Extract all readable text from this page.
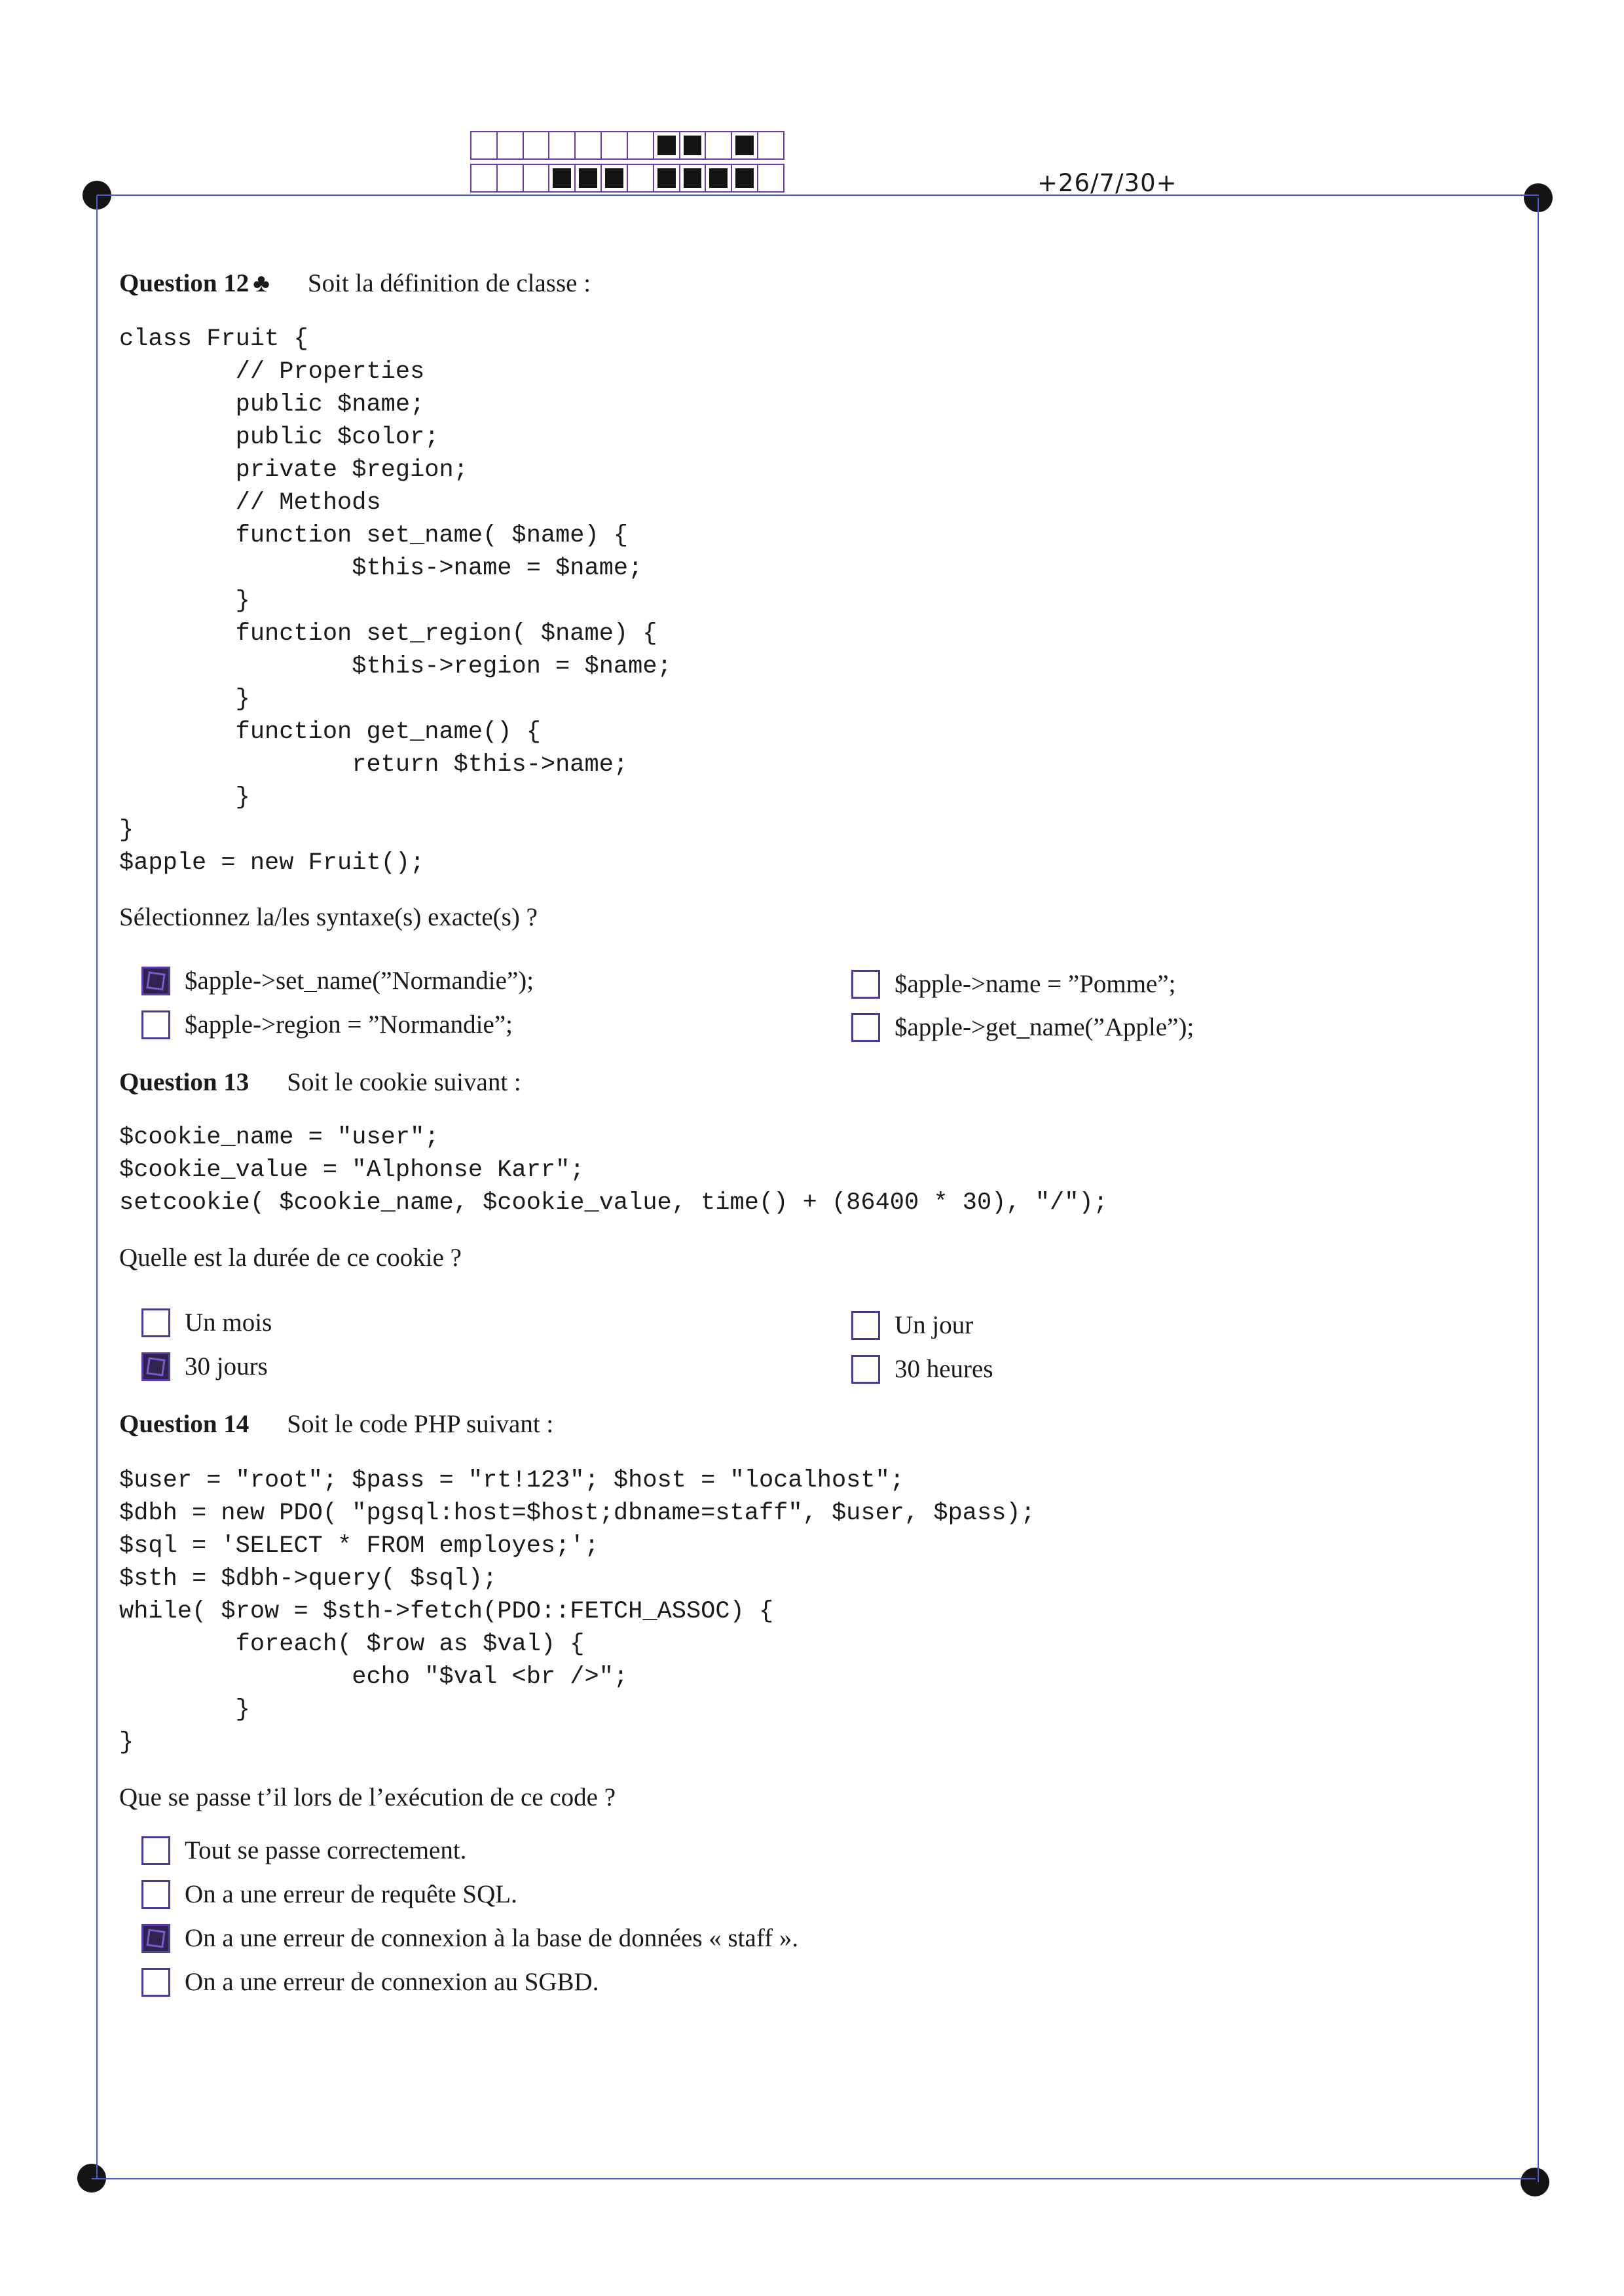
+26/7/30+
Question 12 ♣ Soit la définition de classe :
class Fruit {
// Properties
public $name;
public $color;
private $region;
// Methods
function set_name( $name) {
$this->name = $name;
}
function set_region( $name) {
$this->region = $name;
}
function get_name() {
return $this->name;
}
}
$apple = new Fruit();
Sélectionnez la/les syntaxe(s) exacte(s) ?
$apple->set_name(”Normandie”);	$apple->name = ”Pomme”;
$apple->region = ”Normandie”;	$apple->get_name(”Apple”);
Question 13 Soit le cookie suivant :
$cookie_name = "user";
$cookie_value = "Alphonse Karr";
setcookie( $cookie_name, $cookie_value, time() + (86400 * 30), "/");
Quelle est la durée de ce cookie ?
Un mois	Un jour
30 jours	30 heures
Question 14 Soit le code PHP suivant :
$user = "root"; $pass = "rt!123"; $host = "localhost";
$dbh = new PDO( "pgsql:host=$host;dbname=staff", $user, $pass);
$sql = 'SELECT * FROM employes;';
$sth = $dbh->query( $sql);
while( $row = $sth->fetch(PDO::FETCH_ASSOC) {
foreach( $row as $val) {
echo "$val <br />";
}
}
Que se passe t’il lors de l’exécution de ce code ?
Tout se passe correctement.
On a une erreur de requête SQL.
On a une erreur de connexion à la base de données « staff ».
On a une erreur de connexion au SGBD.
